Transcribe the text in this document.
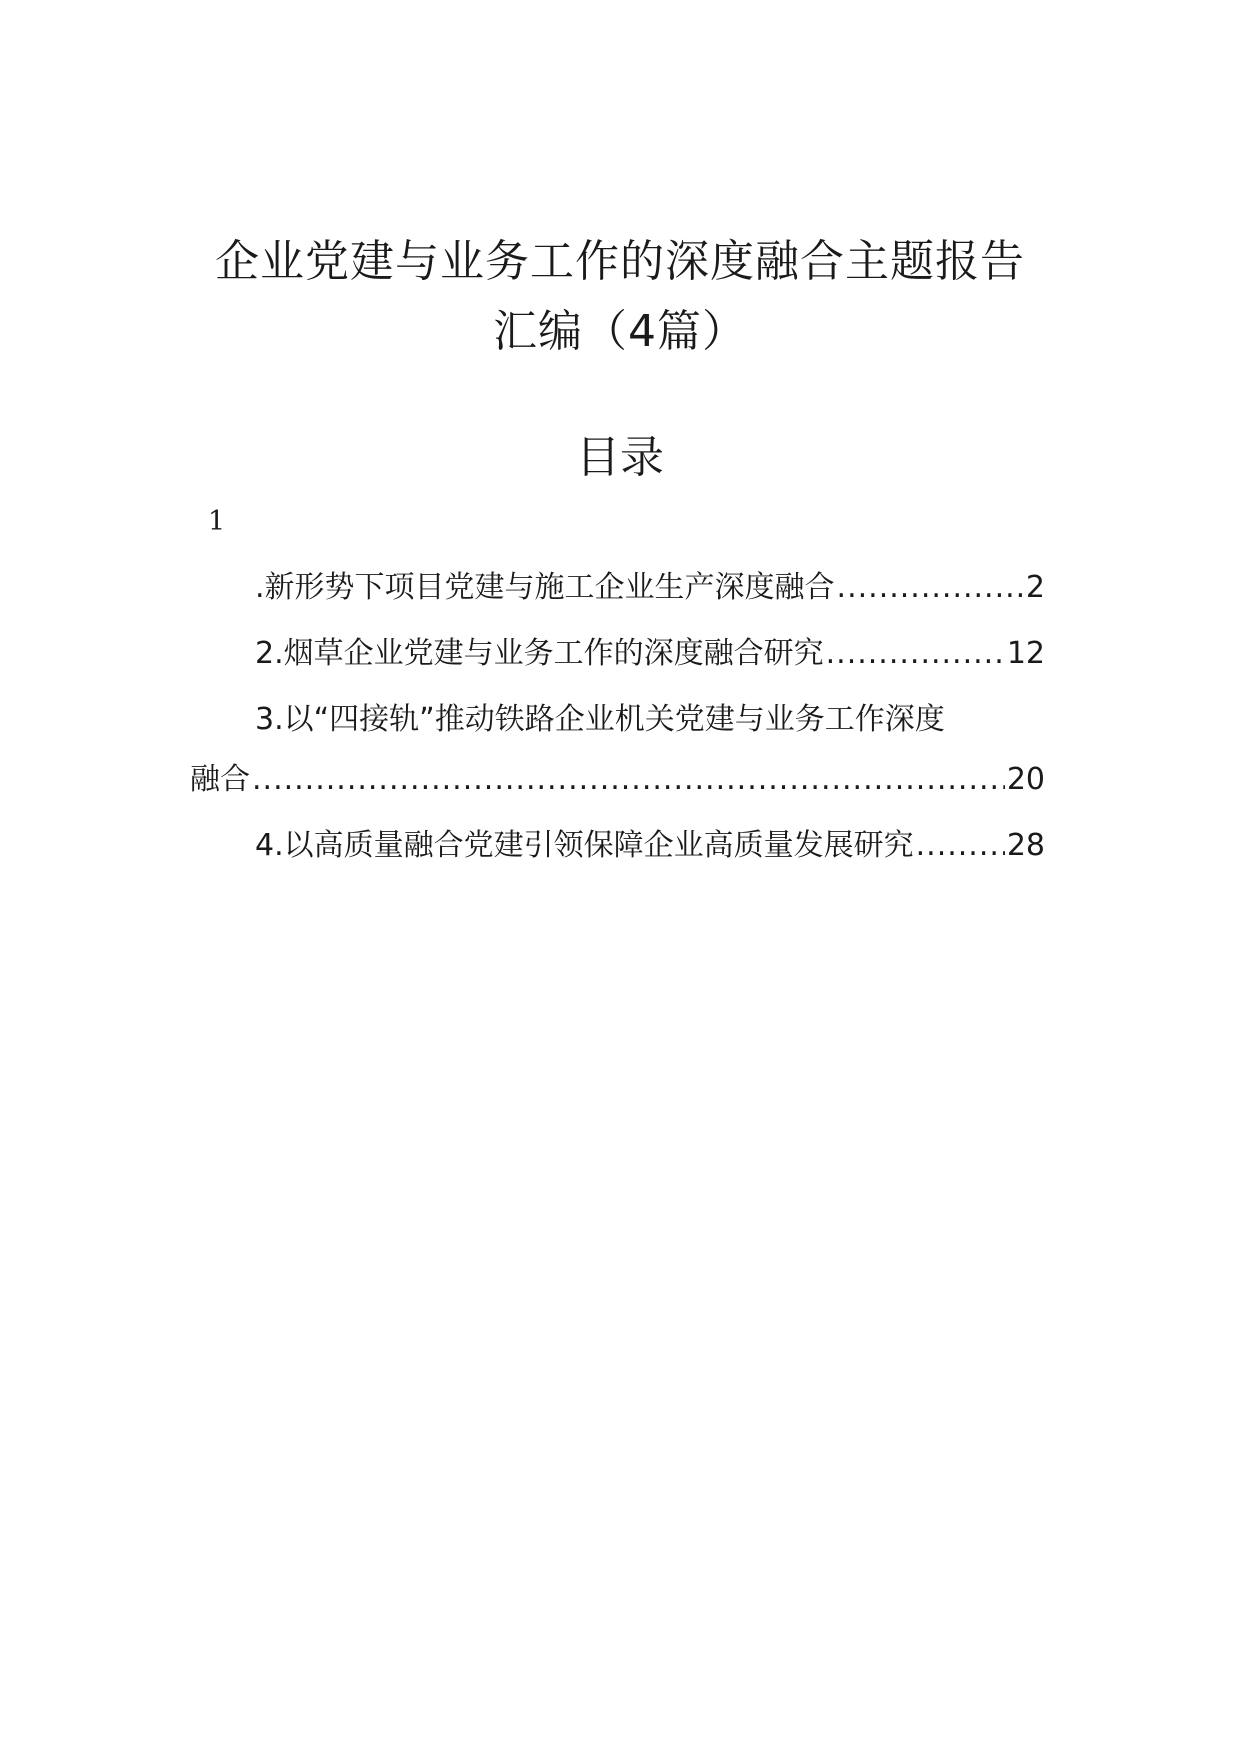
企业党建与业务工作的深度融合主题报告
汇编（4篇）
目录
1
.新形势下项目党建与施工企业生产深度融合 .....	2
2.烟草企业党建与业务工作的深度融合研究 .....	12
3.以“四接轨”推动铁路企业机关党建与业务工作深度
融合 .....	20
4.以高质量融合党建引领保障企业高质量发展研究 .....	28
